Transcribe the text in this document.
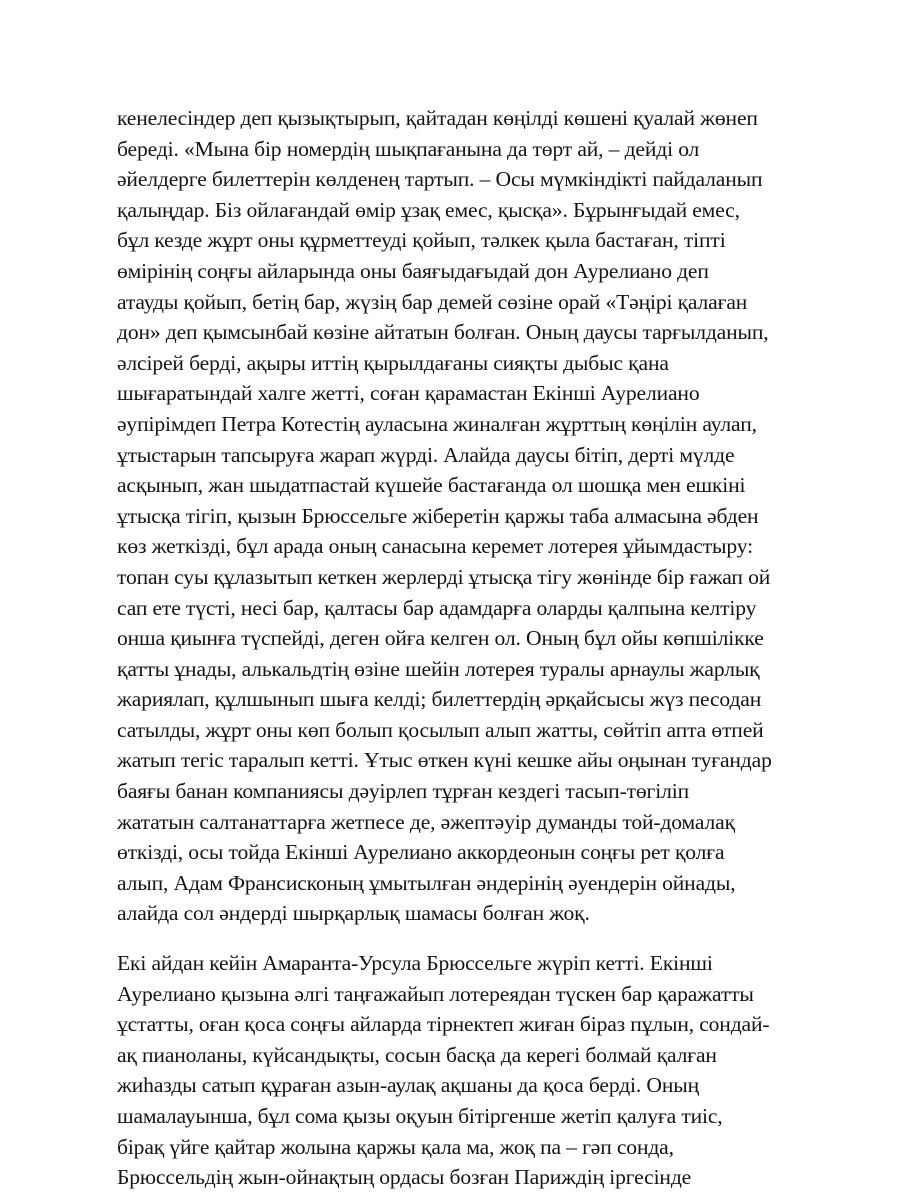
кенелесіндер деп қызықтырып, қайтадан көңілді көшені қуалай жөнеп
береді. «Мына бір номердің шықпағанына да төрт ай, – дейді ол
әйелдерге билеттерін көлденең тартып. – Осы мүмкіндікті пайдаланып
қалыңдар. Біз ойлағандай өмір ұзақ емес, қысқа». Бұрынғыдай емес,
бұл кезде жұрт оны құрметтеуді қойып, тәлкек қыла бастаған, тіпті
өмірінің соңғы айларында оны баяғыдағыдай дон Аурелиано деп
атауды қойып, бетің бар, жүзің бар демей сөзіне орай «Тәңірі қалаған
дон» деп қымсынбай көзіне айтатын болған. Оның даусы тарғылданып,
әлсірей берді, ақыры иттің қырылдағаны сияқты дыбыс қана
шығаратындай халге жетті, соған қарамастан Екінші Аурелиано
әупірімдеп Петра Котестің ауласына жиналған жұрттың көңілін аулап,
ұтыстарын тапсыруға жарап жүрді. Алайда даусы бітіп, дерті мүлде
асқынып, жан шыдатпастай күшейе бастағанда ол шошқа мен ешкіні
ұтысқа тігіп, қызын Брюссельге жіберетін қаржы таба алмасына әбден
көз жеткізді, бұл арада оның санасына керемет лотерея ұйымдастыру:
топан суы құлазытып кеткен жерлерді ұтысқа тігу жөнінде бір ғажап ой
сап ете түсті, несі бар, қалтасы бар адамдарға оларды қалпына келтіру
онша қиынға түспейді, деген ойға келген ол. Оның бұл ойы көпшілікке
қатты ұнады, алькальдтің өзіне шейін лотерея туралы арнаулы жарлық
жариялап, құлшынып шыға келді; билеттердің әрқайсысы жүз песодан
сатылды, жұрт оны көп болып қосылып алып жатты, сөйтіп апта өтпей
жатып тегіс таралып кетті. Ұтыс өткен күні кешке айы оңынан туғандар
баяғы банан компаниясы дәуірлеп тұрған кездегі тасып-төгіліп
жататын салтанаттарға жетпесе де, әжептәуір думанды той-домалақ
өткізді, осы тойда Екінші Аурелиано аккордеонын соңғы рет қолға
алып, Адам Франсисконың ұмытылған әндерінің әуендерін ойнады,
алайда сол әндерді шырқарлық шамасы болған жоқ.
Екі айдан кейін Амаранта-Урсула Брюссельге жүріп кетті. Екінші
Аурелиано қызына әлгі таңғажайып лотереядан түскен бар қаражатты
ұстатты, оған қоса соңғы айларда тірнектеп жиған біраз пұлын, сондай-
ақ пианоланы, күйсандықты, сосын басқа да керегі болмай қалған
жиһазды сатып құраған азын-аулақ ақшаны да қоса берді. Оның
шамалауынша, бұл сома қызы оқуын бітіргенше жетіп қалуға тиіс,
бірақ үйге қайтар жолына қаржы қала ма, жоқ па – гәп сонда,
Брюссельдің жын-ойнақтың ордасы бозған Париждің іргесінде
